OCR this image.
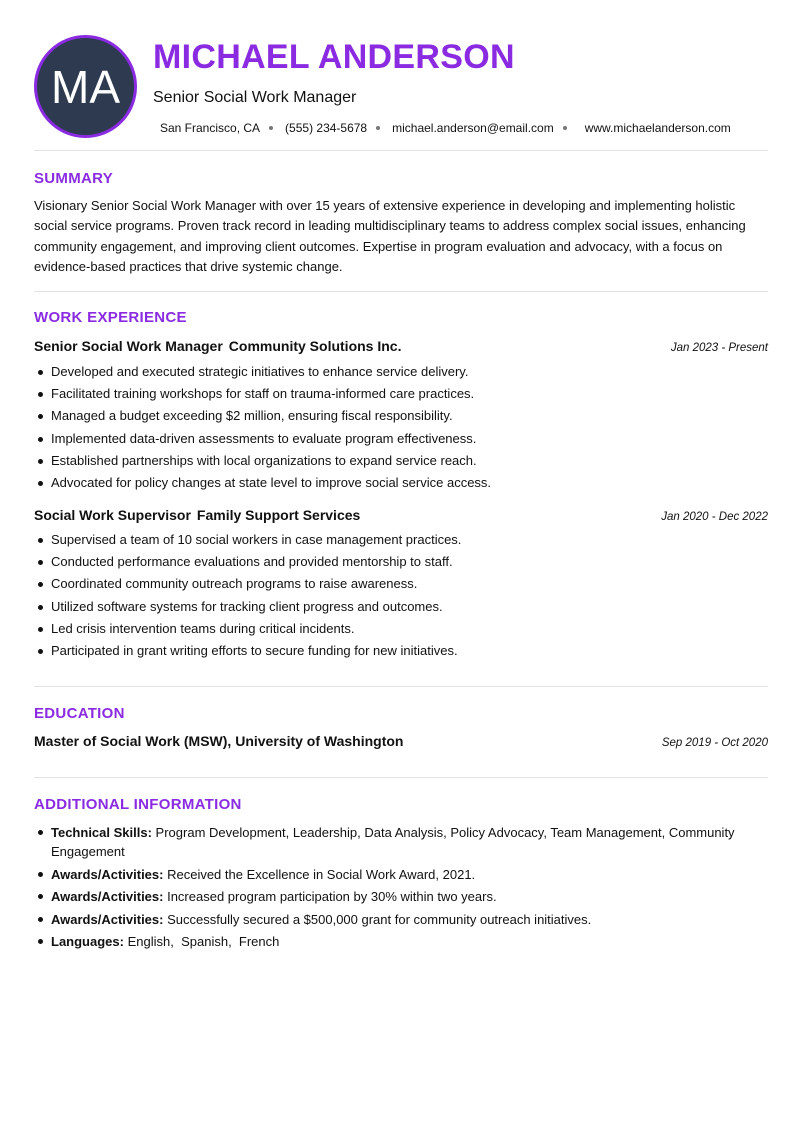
MA
MICHAEL ANDERSON
Senior Social Work Manager
San Francisco, CA (555) 234-5678 michael.anderson@email.com	www.michaelanderson.com
SUMMARY

Visionary Senior Social Work Manager with over 15 years of extensive experience in developing and implementing holistic social service programs. Proven track record in leading multidisciplinary teams to address complex social issues, enhancing community engagement, and improving client outcomes. Expertise in program evaluation and advocacy, with a focus on evidence-based practices that drive systemic change.

WORK EXPERIENCE
Senior Social Work Manager Community Solutions Inc.	Jan 2023 - Present
Developed and executed strategic initiatives to enhance service delivery.
Facilitated training workshops for staff on trauma-informed care practices.
Managed a budget exceeding $2 million, ensuring fiscal responsibility.
Implemented data-driven assessments to evaluate program effectiveness.
Established partnerships with local organizations to expand service reach.
Advocated for policy changes at state level to improve social service access.
Social Work Supervisor Family Support Services	Jan 2020 - Dec 2022
Supervised a team of 10 social workers in case management practices.
Conducted performance evaluations and provided mentorship to staff.
Coordinated community outreach programs to raise awareness.
Utilized software systems for tracking client progress and outcomes.
Led crisis intervention teams during critical incidents.
Participated in grant writing efforts to secure funding for new initiatives.
EDUCATION
Master of Social Work (MSW), University of Washington	Sep 2019 - Oct 2020
ADDITIONAL INFORMATION
Technical Skills: Program Development, Leadership, Data Analysis, Policy Advocacy, Team Management, Community Engagement
Awards/Activities: Received the Excellence in Social Work Award, 2021.
Awards/Activities: Increased program participation by 30% within two years.
Awards/Activities: Successfully secured a $500,000 grant for community outreach initiatives.
Languages: English , Spanish , French
